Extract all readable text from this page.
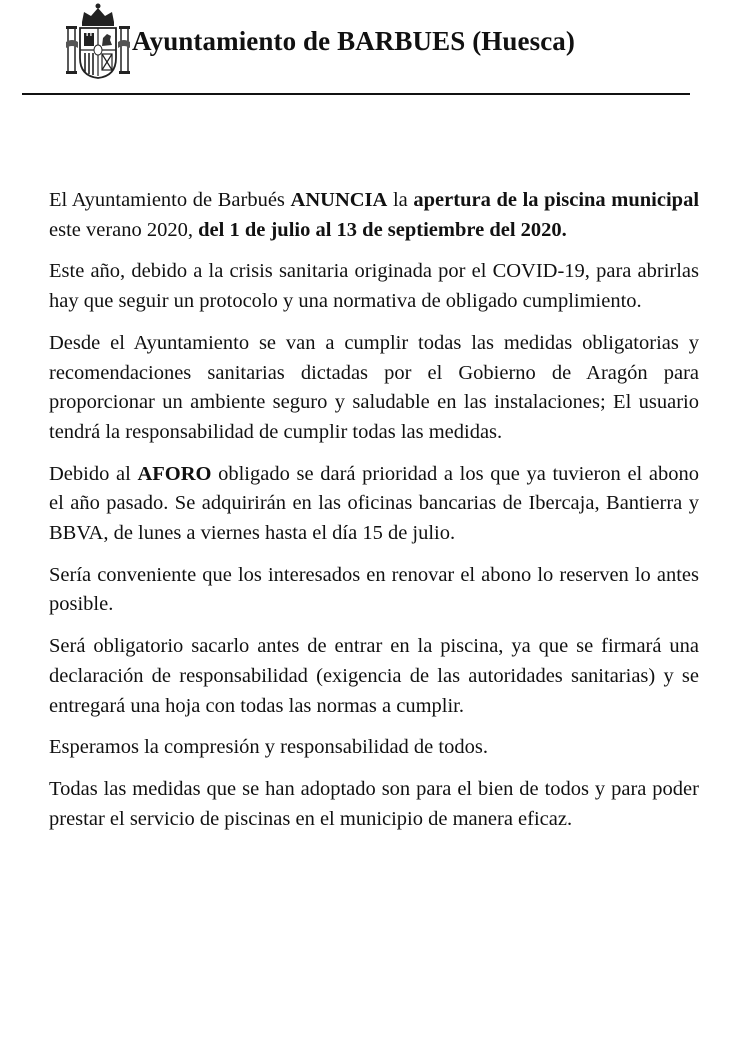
Ayuntamiento de BARBUES (Huesca)

El Ayuntamiento de Barbués ANUNCIA la apertura de la piscina municipal este verano 2020, del 1 de julio al 13 de septiembre del 2020.

Este año, debido a la crisis sanitaria originada por el COVID-19, para abrirlas hay que seguir un protocolo y una normativa de obligado cumplimiento.

Desde el Ayuntamiento se van a cumplir todas las medidas obligatorias y recomendaciones sanitarias dictadas por el Gobierno de Aragón para proporcionar un ambiente seguro y saludable en las instalaciones; El usuario tendrá la responsabilidad de cumplir todas las medidas.

Debido al AFORO obligado se dará prioridad a los que ya tuvieron el abono el año pasado. Se adquirirán en las oficinas bancarias de Ibercaja, Bantierra y BBVA, de lunes a viernes hasta el día 15 de julio.

Sería conveniente que los interesados en renovar el abono lo reserven lo antes posible.

Será obligatorio sacarlo antes de entrar en la piscina, ya que se firmará una declaración de responsabilidad (exigencia de las autoridades sanitarias) y se entregará una hoja con todas las normas a cumplir.

Esperamos la compresión y responsabilidad de todos.

Todas las medidas que se han adoptado son para el bien de todos y para poder prestar el servicio de piscinas en el municipio de manera eficaz.
